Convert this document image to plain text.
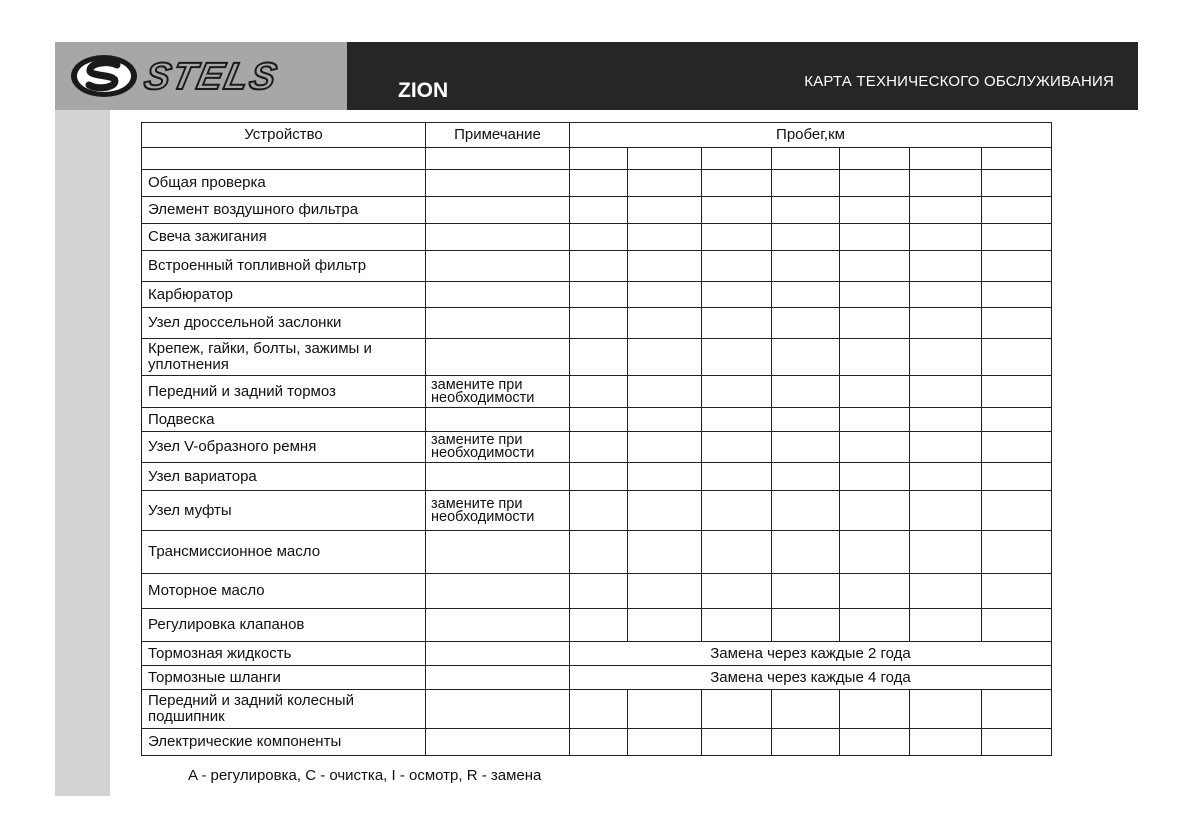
STELS	ZION	КАРТА ТЕХНИЧЕСКОГО ОБСЛУЖИВАНИЯ
Устройство	Примечание	Пробег,км						

Общая проверка								
Элемент воздушного фильтра								
Свеча зажигания								
Встроенный топливной фильтр								
Карбюратор								
Узел дроссельной заслонки								
Крепеж, гайки, болты, зажимы и уплотнения								
Передний и задний тормоз	замените при необходимости							
Подвеска								
Узел V-образного ремня	замените при необходимости							
Узел вариатора								
Узел муфты	замените при необходимости							
Трансмиссионное масло								
Моторное масло								
Регулировка клапанов								
Тормозная жидкость		Замена через каждые 2 года						
Тормозные шланги		Замена через каждые 4 года						
Передний и задний колесный подшипник								
Электрические компоненты								
A - регулировка, C - очистка, I - осмотр, R - замена
